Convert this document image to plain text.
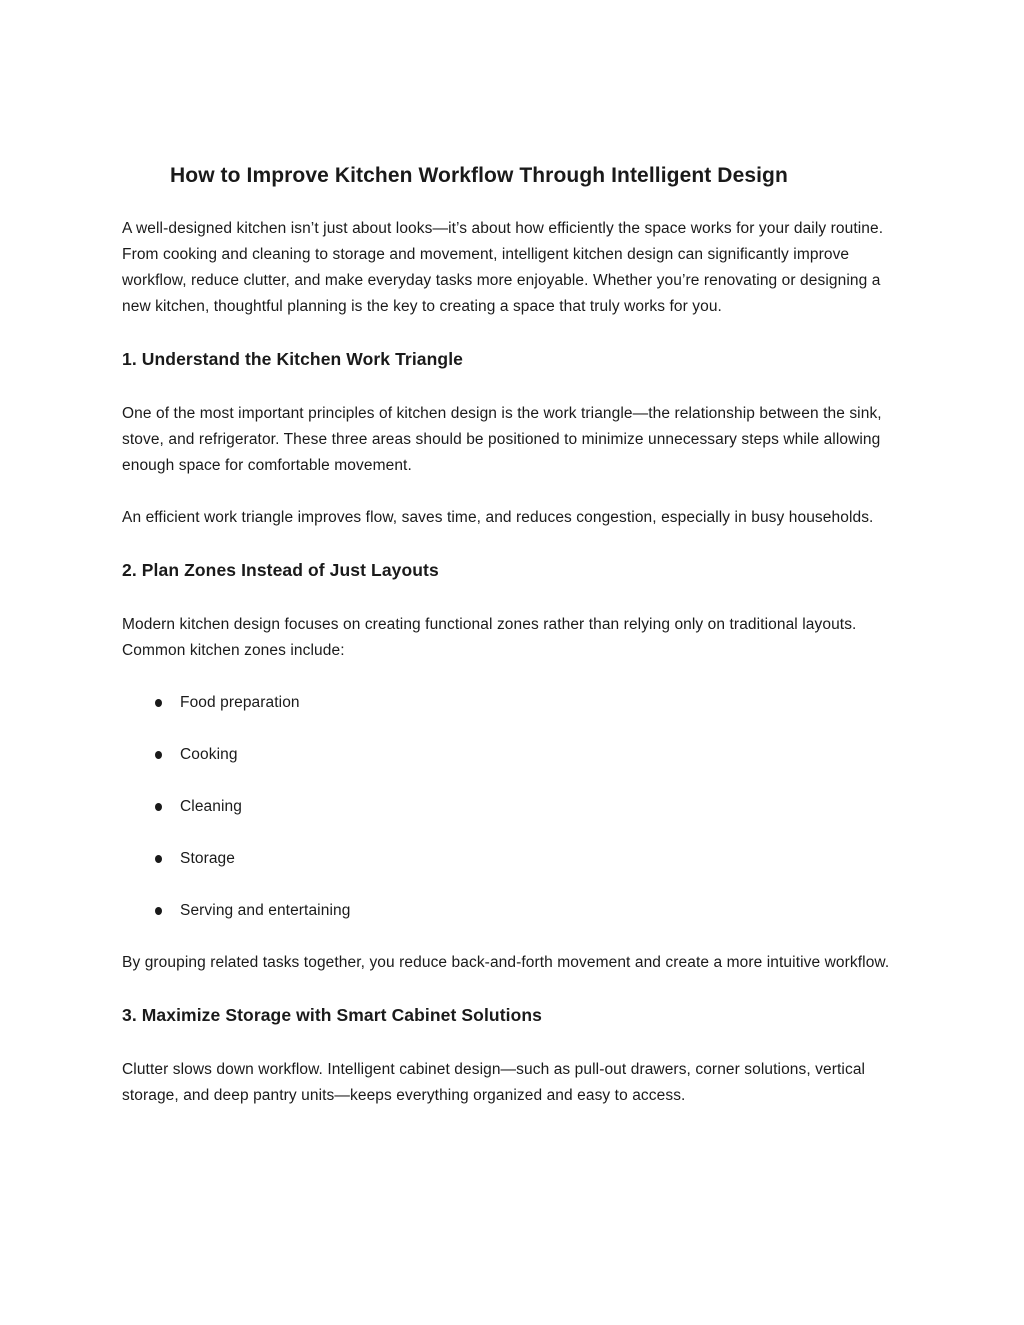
How to Improve Kitchen Workflow Through Intelligent Design

A well-designed kitchen isn’t just about looks—it’s about how efficiently the space works for your daily routine. From cooking and cleaning to storage and movement, intelligent kitchen design can significantly improve workflow, reduce clutter, and make everyday tasks more enjoyable. Whether you’re renovating or designing a new kitchen, thoughtful planning is the key to creating a space that truly works for you.

1. Understand the Kitchen Work Triangle

One of the most important principles of kitchen design is the work triangle—the relationship between the sink, stove, and refrigerator. These three areas should be positioned to minimize unnecessary steps while allowing enough space for comfortable movement.

An efficient work triangle improves flow, saves time, and reduces congestion, especially in busy households.

2. Plan Zones Instead of Just Layouts

Modern kitchen design focuses on creating functional zones rather than relying only on traditional layouts. Common kitchen zones include:

Food preparation
Cooking
Cleaning
Storage
Serving and entertaining

By grouping related tasks together, you reduce back-and-forth movement and create a more intuitive workflow.

3. Maximize Storage with Smart Cabinet Solutions

Clutter slows down workflow. Intelligent cabinet design—such as pull-out drawers, corner solutions, vertical storage, and deep pantry units—keeps everything organized and easy to access.
